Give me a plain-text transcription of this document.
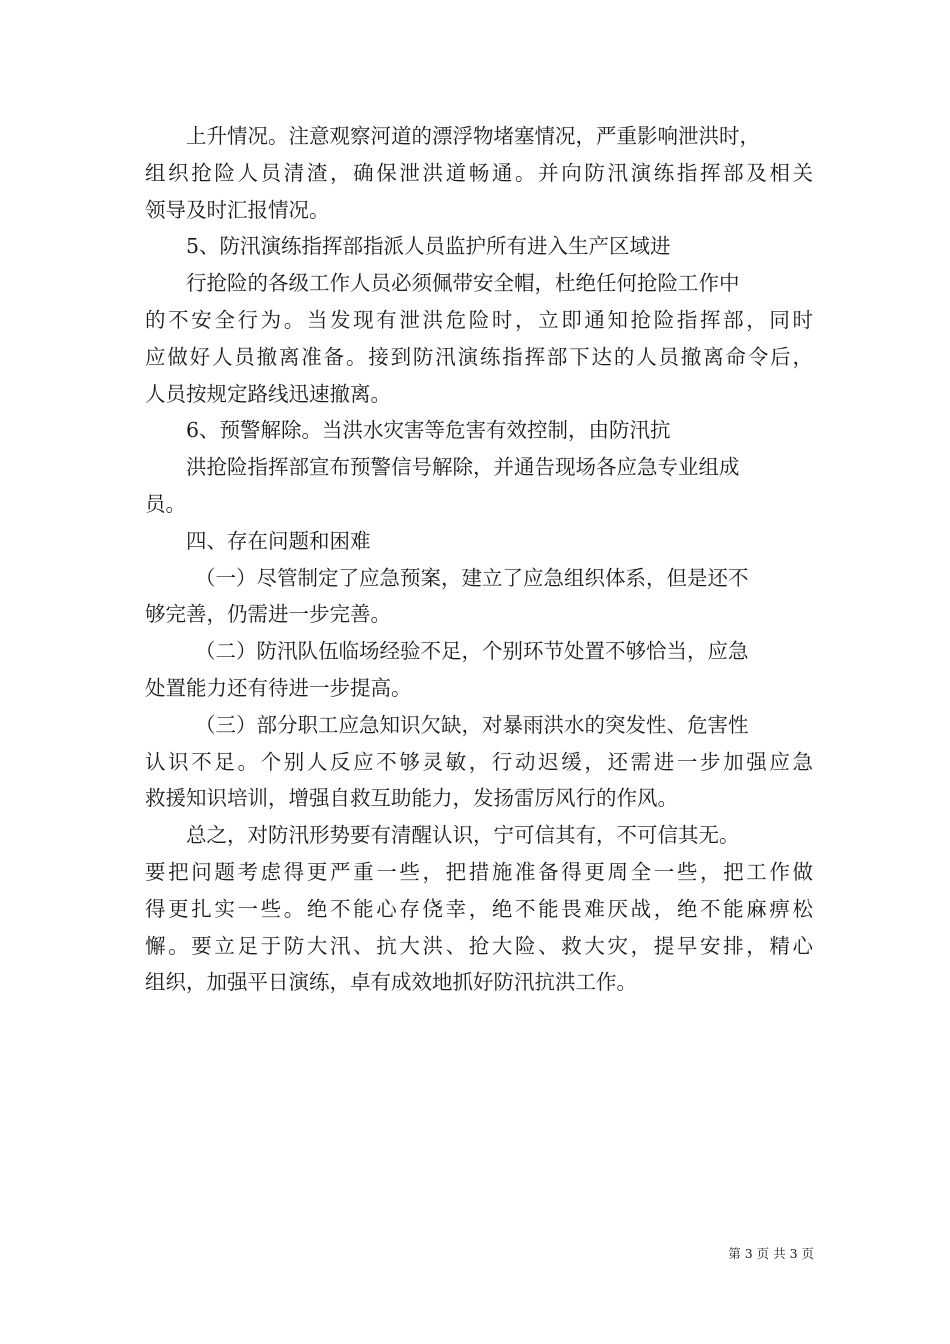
上升情况。注意观察河道的漂浮物堵塞情况，严重影响泄洪时，
组织抢险人员清渣，确保泄洪道畅通。并向防汛演练指挥部及相关
领导及时汇报情况。
5、防汛演练指挥部指派人员监护所有进入生产区域进
行抢险的各级工作人员必须佩带安全帽，杜绝任何抢险工作中
的不安全行为。当发现有泄洪危险时，立即通知抢险指挥部，同时
应做好人员撤离准备。接到防汛演练指挥部下达的人员撤离命令后，
人员按规定路线迅速撤离。
6、预警解除。当洪水灾害等危害有效控制，由防汛抗
洪抢险指挥部宣布预警信号解除，并通告现场各应急专业组成
员。
四、存在问题和困难
（一）尽管制定了应急预案，建立了应急组织体系，但是还不
够完善，仍需进一步完善。
（二）防汛队伍临场经验不足，个别环节处置不够恰当，应急
处置能力还有待进一步提高。
（三）部分职工应急知识欠缺，对暴雨洪水的突发性、危害性
认识不足。个别人反应不够灵敏，行动迟缓，还需进一步加强应急
救援知识培训，增强自救互助能力，发扬雷厉风行的作风。
总之，对防汛形势要有清醒认识，宁可信其有，不可信其无。
要把问题考虑得更严重一些，把措施准备得更周全一些，把工作做
得更扎实一些。绝不能心存侥幸，绝不能畏难厌战，绝不能麻痹松
懈。要立足于防大汛、抗大洪、抢大险、救大灾，提早安排，精心
组织，加强平日演练，卓有成效地抓好防汛抗洪工作。
第 3 页 共 3 页
